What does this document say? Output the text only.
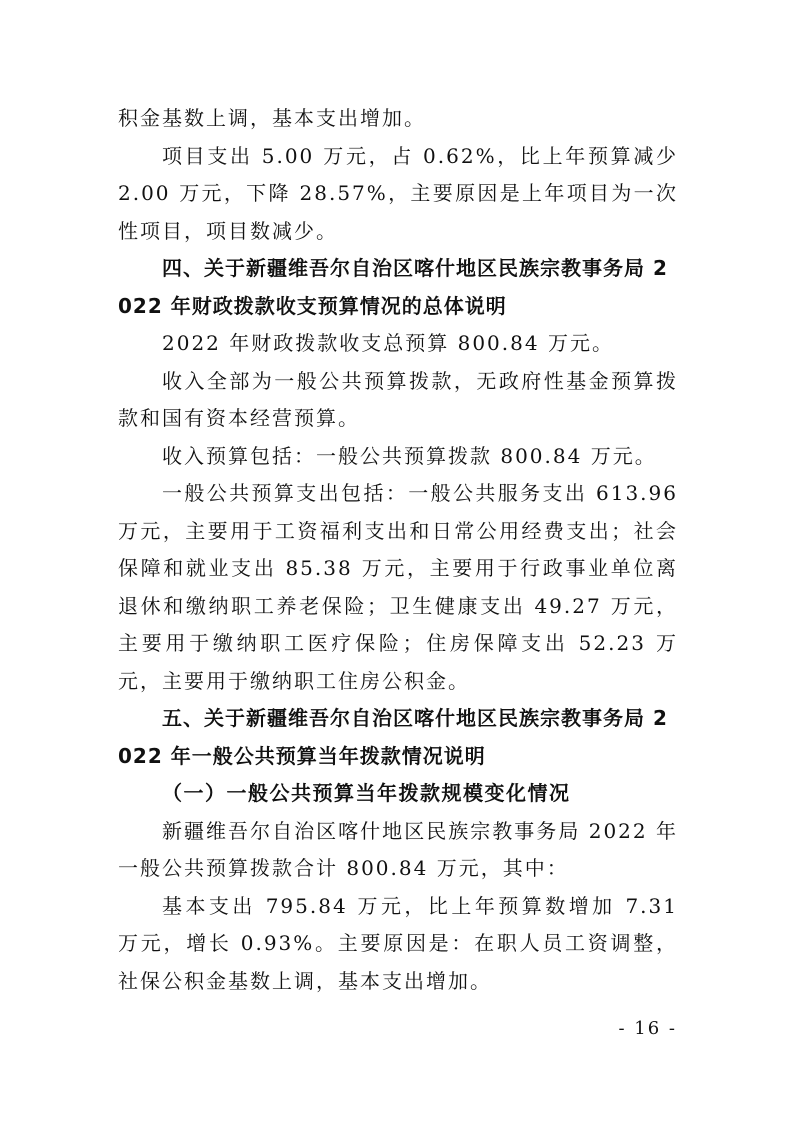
积金基数上调，基本支出增加。

项目支出 5.00 万元，占 0.62%，比上年预算减少 2.00 万元，下降 28.57%，主要原因是上年项目为一次性项目，项目数减少。

四、关于新疆维吾尔自治区喀什地区民族宗教事务局 2022 年财政拨款收支预算情况的总体说明

2022 年财政拨款收支总预算 800.84 万元。

收入全部为一般公共预算拨款，无政府性基金预算拨款和国有资本经营预算。

收入预算包括：一般公共预算拨款 800.84 万元。

一般公共预算支出包括：一般公共服务支出 613.96 万元，主要用于工资福利支出和日常公用经费支出；社会保障和就业支出 85.38 万元，主要用于行政事业单位离退休和缴纳职工养老保险；卫生健康支出 49.27 万元，主要用于缴纳职工医疗保险；住房保障支出 52.23 万元，主要用于缴纳职工住房公积金。

五、关于新疆维吾尔自治区喀什地区民族宗教事务局 2022 年一般公共预算当年拨款情况说明

（一）一般公共预算当年拨款规模变化情况

新疆维吾尔自治区喀什地区民族宗教事务局 2022 年一般公共预算拨款合计 800.84 万元，其中：

基本支出 795.84 万元，比上年预算数增加 7.31 万元，增长 0.93%。主要原因是：在职人员工资调整，社保公积金基数上调，基本支出增加。

- 16 -
